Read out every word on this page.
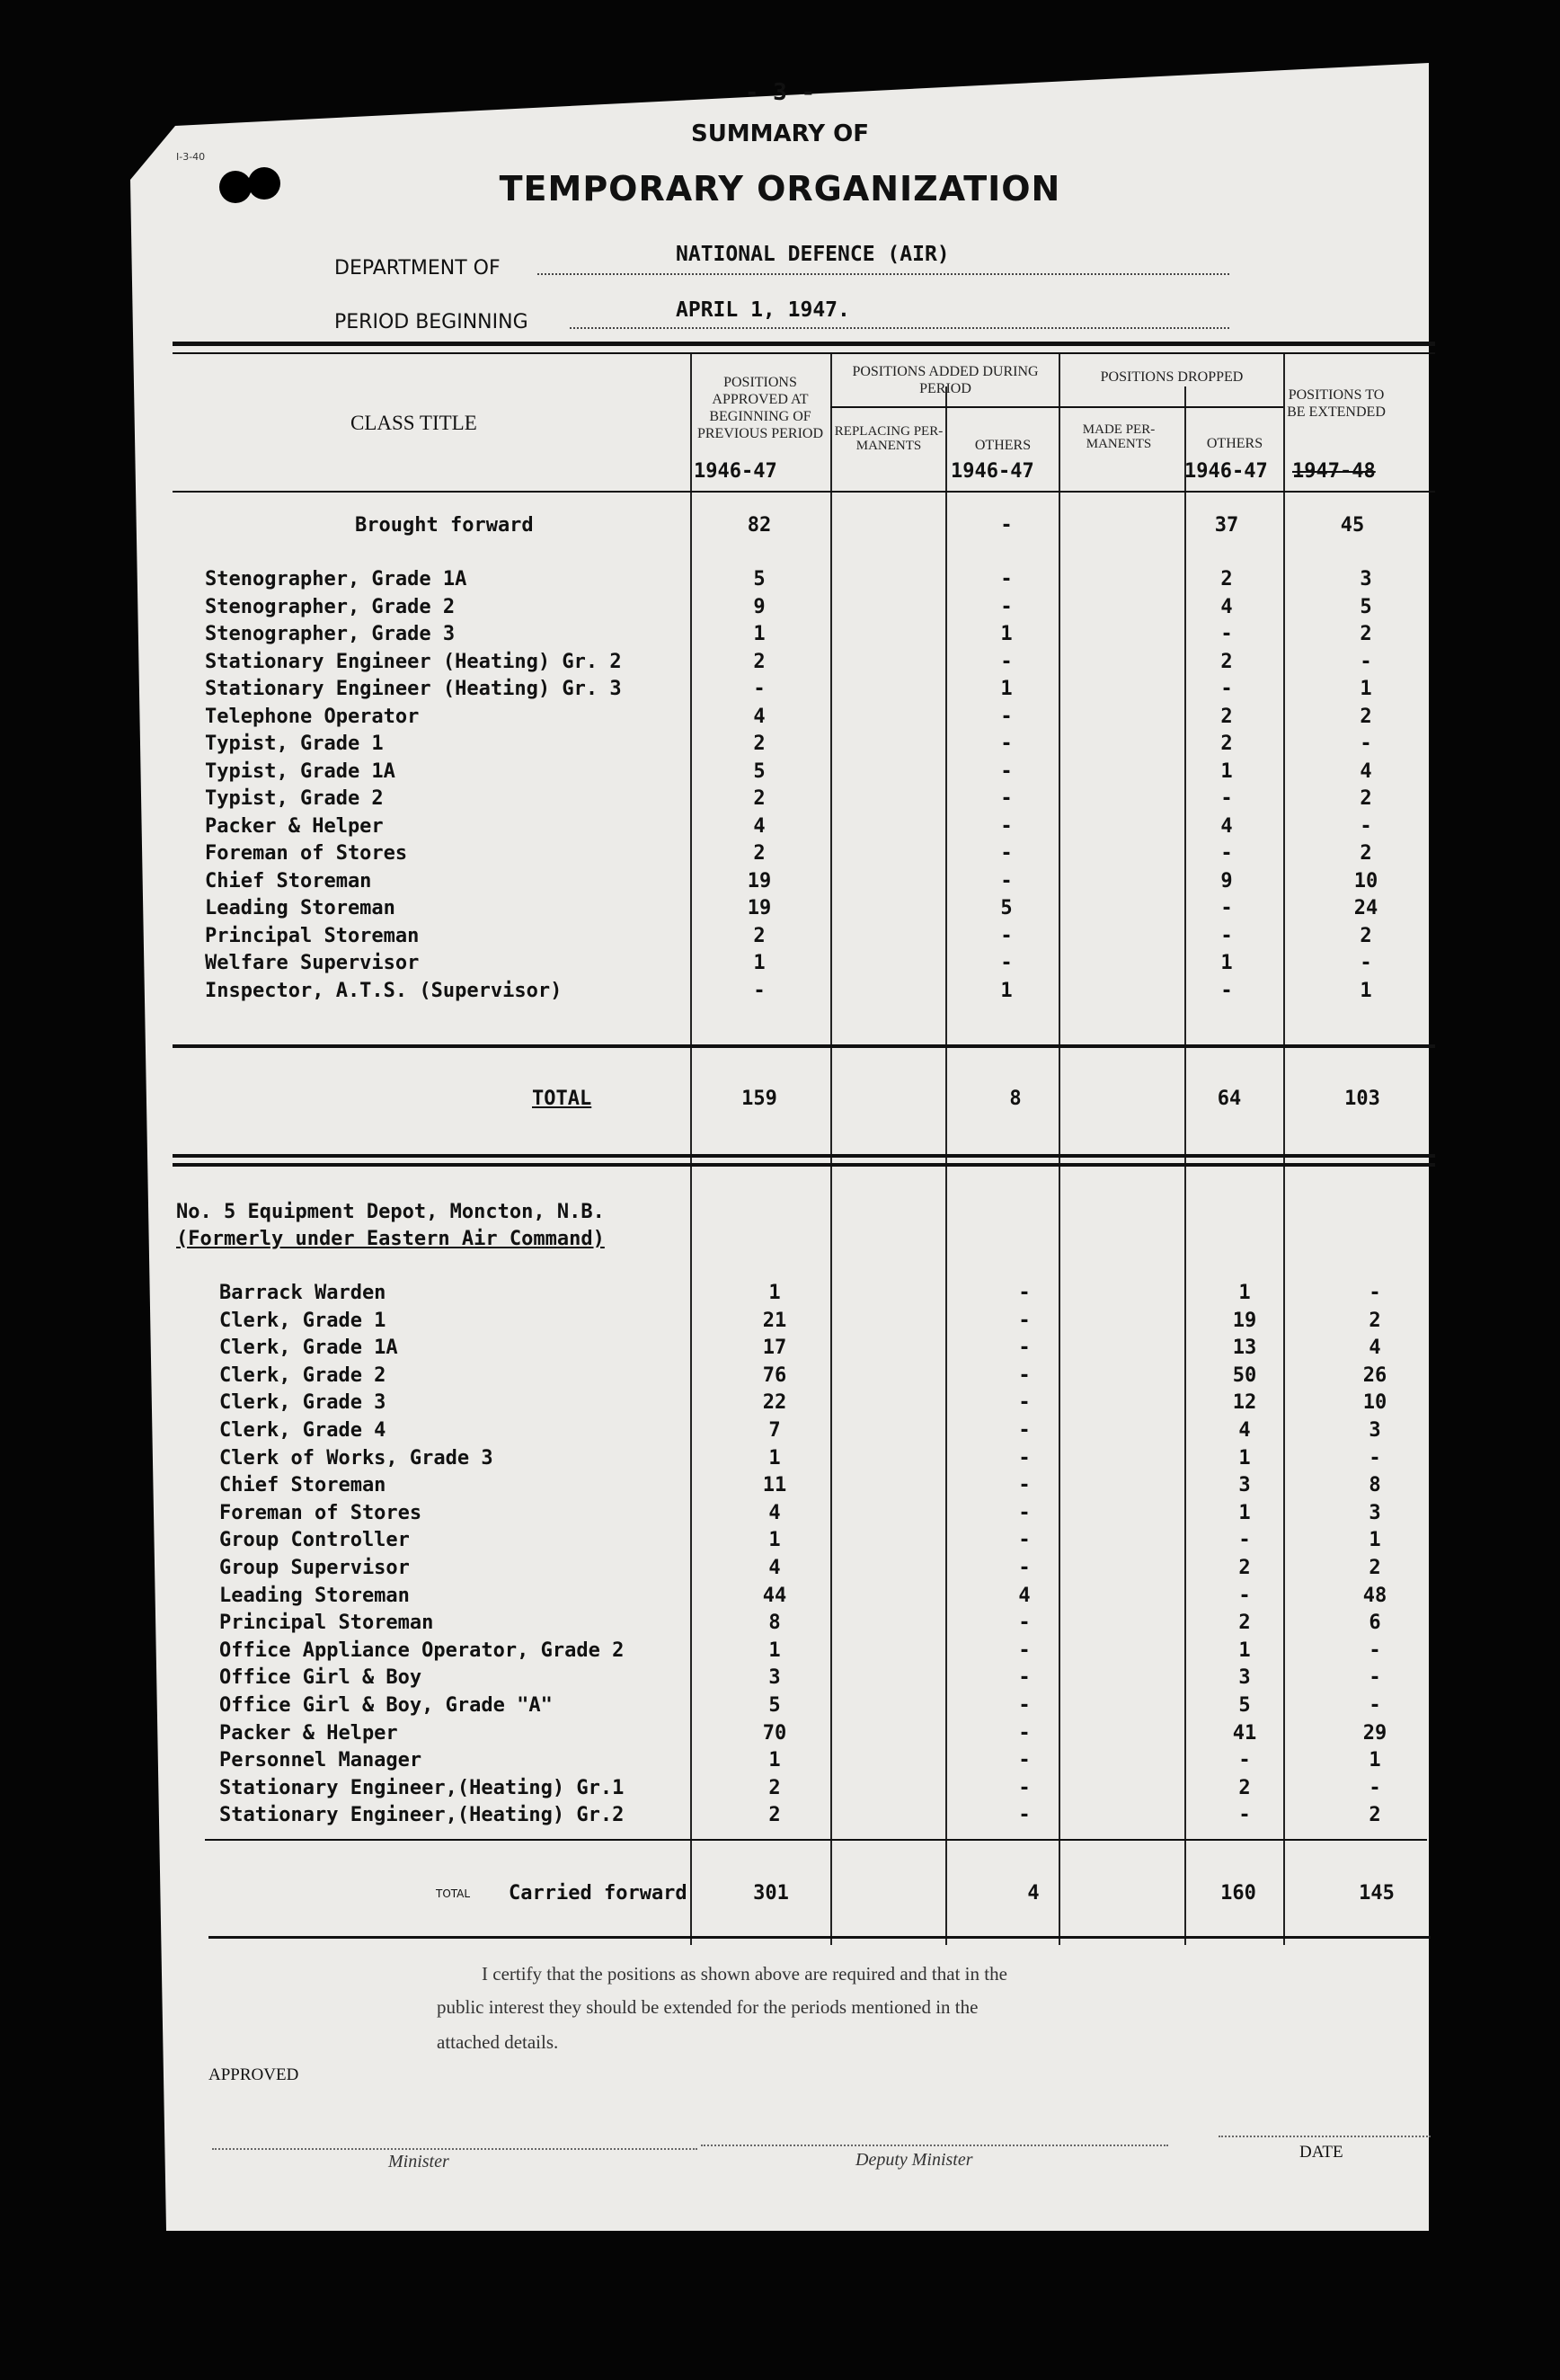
I-3-40
- 3 -
SUMMARY OF
TEMPORARY ORGANIZATION
DEPARTMENT OF
NATIONAL DEFENCE (AIR)
PERIOD BEGINNING
APRIL 1, 1947.
CLASS TITLE
POSITIONS APPROVED AT BEGINNING OF PREVIOUS PERIOD
1946-47
POSITIONS ADDED DURING PERIOD
REPLACING PER-MANENTS	OTHERS
1946-47
POSITIONS DROPPED
MADE PER-MANENTS	OTHERS
1946-47
POSITIONS TO BE EXTENDED
1947-48
Brought forward	82	-	37	45
Stenographer, Grade 1A	5	-	2	3
Stenographer, Grade 2	9	-	4	5
Stenographer, Grade 3	1	1	-	2
Stationary Engineer (Heating) Gr. 2	2	-	2	-
Stationary Engineer (Heating) Gr. 3	-	1	-	1
Telephone Operator	4	-	2	2
Typist, Grade 1	2	-	2	-
Typist, Grade 1A	5	-	1	4
Typist, Grade 2	2	-	-	2
Packer & Helper	4	-	4	-
Foreman of Stores	2	-	-	2
Chief Storeman	19	-	9	10
Leading Storeman	19	5	-	24
Principal Storeman	2	-	-	2
Welfare Supervisor	1	-	1	-
Inspector, A.T.S. (Supervisor)	-	1	-	1
TOTAL	159	8	64	103
No. 5 Equipment Depot, Moncton, N.B.
(Formerly under Eastern Air Command)
Barrack Warden	1	-	1	-
Clerk, Grade 1	21	-	19	2
Clerk, Grade 1A	17	-	13	4
Clerk, Grade 2	76	-	50	26
Clerk, Grade 3	22	-	12	10
Clerk, Grade 4	7	-	4	3
Clerk of Works, Grade 3	1	-	1	-
Chief Storeman	11	-	3	8
Foreman of Stores	4	-	1	3
Group Controller	1	-	-	1
Group Supervisor	4	-	2	2
Leading Storeman	44	4	-	48
Principal Storeman	8	-	2	6
Office Appliance Operator, Grade 2	1	-	1	-
Office Girl & Boy	3	-	3	-
Office Girl & Boy, Grade "A"	5	-	5	-
Packer & Helper	70	-	41	29
Personnel Manager	1	-	-	1
Stationary Engineer,(Heating) Gr.1	2	-	2	-
Stationary Engineer,(Heating) Gr.2	2	-	-	2
TOTAL Carried forward	301	4	160	145
I certify that the positions as shown above are required and that in the
public interest they should be extended for the periods mentioned in the
attached details.
APPROVED
Minister	Deputy Minister	DATE
